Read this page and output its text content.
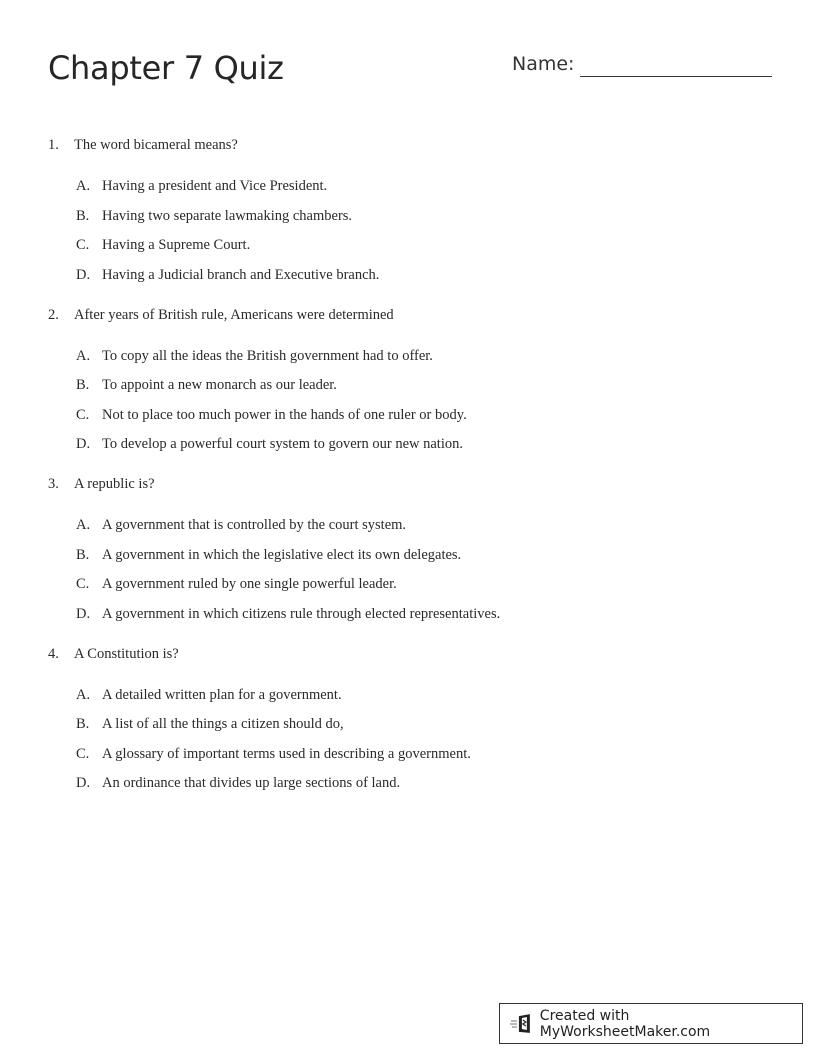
Chapter 7 Quiz	Name:
1.	The word bicameral means?
A. Having a president and Vice President.
B. Having two separate lawmaking chambers.
C. Having a Supreme Court.
D. Having a Judicial branch and Executive branch.
2.	After years of British rule, Americans were determined
A. To copy all the ideas the British government had to offer.
B. To appoint a new monarch as our leader.
C. Not to place too much power in the hands of one ruler or body.
D. To develop a powerful court system to govern our new nation.
3.	A republic is?
A. A government that is controlled by the court system.
B. A government in which the legislative elect its own delegates.
C. A government ruled by one single powerful leader.
D. A government in which citizens rule through elected representatives.
4.	A Constitution is?
A. A detailed written plan for a government.
B. A list of all the things a citizen should do,
C. A glossary of important terms used in describing a government.
D. An ordinance that divides up large sections of land.
Created with MyWorksheetMaker.com
